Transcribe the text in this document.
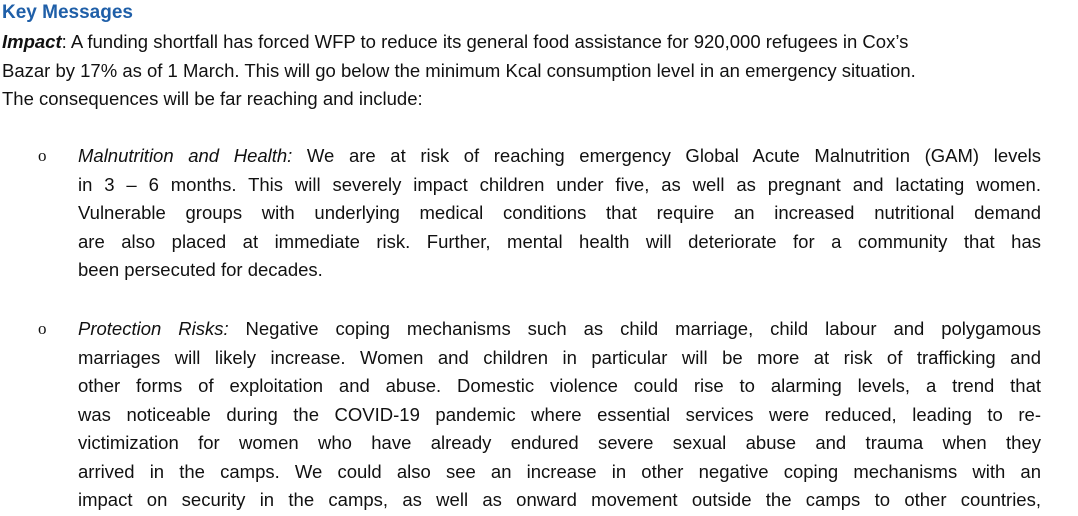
Key Messages
Impact: A funding shortfall has forced WFP to reduce its general food assistance for 920,000 refugees in Cox’s
Bazar by 17% as of 1 March. This will go below the minimum Kcal consumption level in an emergency situation.
The consequences will be far reaching and include:
o Malnutrition and Health: We are at risk of reaching emergency Global Acute Malnutrition (GAM) levels
in 3 – 6 months. This will severely impact children under five, as well as pregnant and lactating women.
Vulnerable groups with underlying medical conditions that require an increased nutritional demand
are also placed at immediate risk. Further, mental health will deteriorate for a community that has
been persecuted for decades.
o Protection Risks: Negative coping mechanisms such as child marriage, child labour and polygamous
marriages will likely increase. Women and children in particular will be more at risk of trafficking and
other forms of exploitation and abuse. Domestic violence could rise to alarming levels, a trend that
was noticeable during the COVID-19 pandemic where essential services were reduced, leading to re-
victimization for women who have already endured severe sexual abuse and trauma when they
arrived in the camps. We could also see an increase in other negative coping mechanisms with an
impact on security in the camps, as well as onward movement outside the camps to other countries,
